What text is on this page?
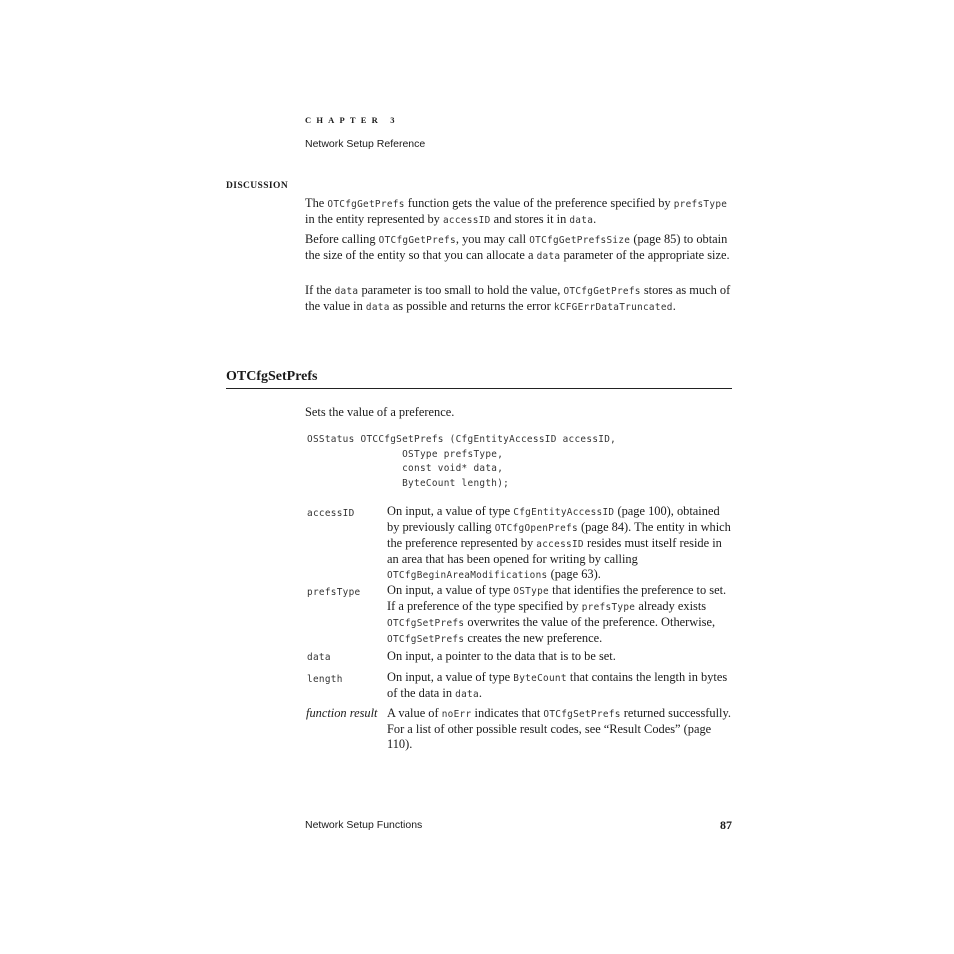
CHAPTER 3
Network Setup Reference
DISCUSSION

The OTCfgGetPrefs function gets the value of the preference specified by prefsType in the entity represented by accessID and stores it in data.

Before calling OTCfgGetPrefs, you may call OTCfgGetPrefsSize (page 85) to obtain the size of the entity so that you can allocate a data parameter of the appropriate size.

If the data parameter is too small to hold the value, OTCfgGetPrefs stores as much of the value in data as possible and returns the error kCFGErrDataTruncated.

OTCfgSetPrefs
Sets the value of a preference.
OSStatus OTCCfgSetPrefs (CfgEntityAccessID accessID,
OSType prefsType,
const void* data,
ByteCount length);
accessID	On input, a value of type CfgEntityAccessID (page 100), obtained by previously calling OTCfgOpenPrefs (page 84). The entity in which the preference represented by accessID resides must itself reside in an area that has been opened for writing by calling OTCfgBeginAreaModifications (page 63).
prefsType On input, a value of type OSType that identifies the preference to set. If a preference of the type specified by prefsType already exists OTCfgSetPrefs overwrites the value of the preference. Otherwise, OTCfgSetPrefs creates the new preference.
data	On input, a pointer to the data that is to be set.
length	On input, a value of type ByteCount that contains the length in bytes of the data in data.
function result A value of noErr indicates that OTCfgSetPrefs returned successfully. For a list of other possible result codes, see “Result Codes” (page 110).
Network Setup Functions	87
